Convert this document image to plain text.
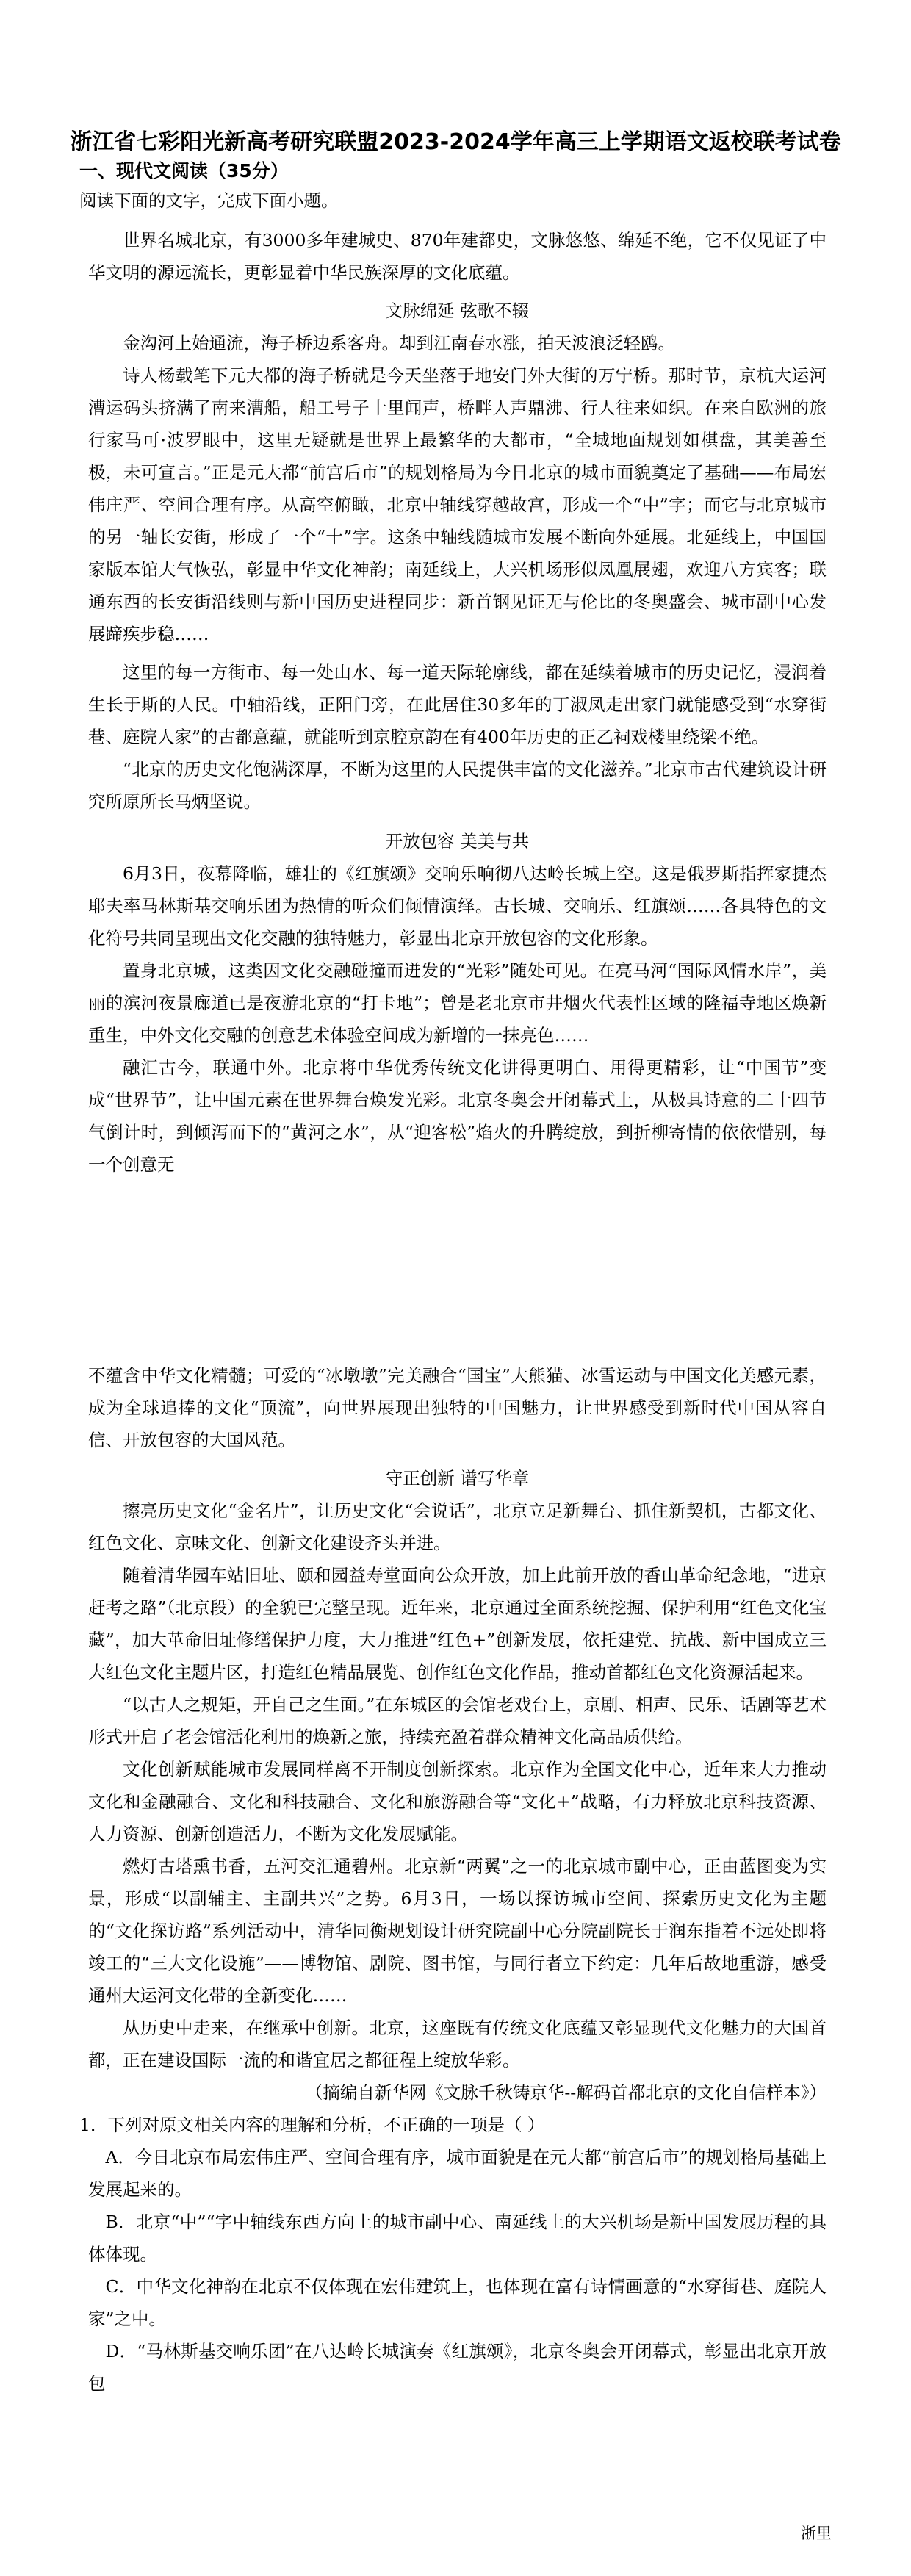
浙江省七彩阳光新高考研究联盟2023-2024学年高三上学期语文返校联考试卷
一、现代文阅读（35分）

阅读下面的文字，完成下面小题。

世界名城北京，有3000多年建城史、870年建都史，文脉悠悠、绵延不绝，它不仅见证了中华文明的源远流长，更彰显着中华民族深厚的文化底蕴。

文脉绵延 弦歌不辍

金沟河上始通流，海子桥边系客舟。却到江南春水涨，拍天波浪泛轻鸥。

诗人杨载笔下元大都的海子桥就是今天坐落于地安门外大街的万宁桥。那时节，京杭大运河漕运码头挤满了南来漕船，船工号子十里闻声，桥畔人声鼎沸、行人往来如织。在来自欧洲的旅行家马可·波罗眼中，这里无疑就是世界上最繁华的大都市，“全城地面规划如棋盘，其美善至极，未可宣言。”正是元大都“前宫后市”的规划格局为今日北京的城市面貌奠定了基础——布局宏伟庄严、空间合理有序。从高空俯瞰，北京中轴线穿越故宫，形成一个“中”字；而它与北京城市的另一轴长安街，形成了一个“十”字。这条中轴线随城市发展不断向外延展。北延线上，中国国家版本馆大气恢弘，彰显中华文化神韵；南延线上，大兴机场形似凤凰展翅，欢迎八方宾客；联通东西的长安街沿线则与新中国历史进程同步：新首钢见证无与伦比的冬奥盛会、城市副中心发展蹄疾步稳……

这里的每一方街市、每一处山水、每一道天际轮廓线，都在延续着城市的历史记忆，浸润着生长于斯的人民。中轴沿线，正阳门旁，在此居住30多年的丁淑凤走出家门就能感受到“水穿街巷、庭院人家”的古都意蕴，就能听到京腔京韵在有400年历史的正乙祠戏楼里绕梁不绝。

“北京的历史文化饱满深厚，不断为这里的人民提供丰富的文化滋养。”北京市古代建筑设计研究所原所长马炳坚说。

开放包容 美美与共

6月3日，夜幕降临，雄壮的《红旗颂》交响乐响彻八达岭长城上空。这是俄罗斯指挥家捷杰耶夫率马林斯基交响乐团为热情的听众们倾情演绎。古长城、交响乐、红旗颂……各具特色的文化符号共同呈现出文化交融的独特魅力，彰显出北京开放包容的文化形象。

置身北京城，这类因文化交融碰撞而迸发的“光彩”随处可见。在亮马河“国际风情水岸”，美丽的滨河夜景廊道已是夜游北京的“打卡地”；曾是老北京市井烟火代表性区域的隆福寺地区焕新重生，中外文化交融的创意艺术体验空间成为新增的一抹亮色……

融汇古今，联通中外。北京将中华优秀传统文化讲得更明白、用得更精彩，让“中国节”变成“世界节”，让中国元素在世界舞台焕发光彩。北京冬奥会开闭幕式上，从极具诗意的二十四节气倒计时，到倾泻而下的“黄河之水”，从“迎客松”焰火的升腾绽放，到折柳寄情的依依惜别，每一个创意无

不蕴含中华文化精髓；可爱的“冰墩墩”完美融合“国宝”大熊猫、冰雪运动与中国文化美感元素，成为全球追捧的文化“顶流”，向世界展现出独特的中国魅力，让世界感受到新时代中国从容自信、开放包容的大国风范。

守正创新 谱写华章

擦亮历史文化“金名片”，让历史文化“会说话”，北京立足新舞台、抓住新契机，古都文化、红色文化、京味文化、创新文化建设齐头并进。

随着清华园车站旧址、颐和园益寿堂面向公众开放，加上此前开放的香山革命纪念地，“进京赶考之路”（北京段）的全貌已完整呈现。近年来，北京通过全面系统挖掘、保护利用“红色文化宝藏”，加大革命旧址修缮保护力度，大力推进“红色+”创新发展，依托建党、抗战、新中国成立三大红色文化主题片区，打造红色精品展览、创作红色文化作品，推动首都红色文化资源活起来。

“以古人之规矩，开自己之生面。”在东城区的会馆老戏台上，京剧、相声、民乐、话剧等艺术形式开启了老会馆活化利用的焕新之旅，持续充盈着群众精神文化高品质供给。

文化创新赋能城市发展同样离不开制度创新探索。北京作为全国文化中心，近年来大力推动文化和金融融合、文化和科技融合、文化和旅游融合等“文化+”战略，有力释放北京科技资源、人力资源、创新创造活力，不断为文化发展赋能。

燃灯古塔熏书香，五河交汇通碧州。北京新“两翼”之一的北京城市副中心，正由蓝图变为实景，形成“以副辅主、主副共兴”之势。6月3日，一场以探访城市空间、探索历史文化为主题的“文化探访路”系列活动中，清华同衡规划设计研究院副中心分院副院长于润东指着不远处即将竣工的“三大文化设施”——博物馆、剧院、图书馆，与同行者立下约定：几年后故地重游，感受通州大运河文化带的全新变化……

从历史中走来，在继承中创新。北京，这座既有传统文化底蕴又彰显现代文化魅力的大国首都，正在建设国际一流的和谐宜居之都征程上绽放华彩。

（摘编自新华网《文脉千秋铸京华--解码首都北京的文化自信样本》）

1．下列对原文相关内容的理解和分析，不正确的一项是（ ）

A．今日北京布局宏伟庄严、空间合理有序，城市面貌是在元大都“前宫后市”的规划格局基础上发展起来的。

B．北京“中”“字中轴线东西方向上的城市副中心、南延线上的大兴机场是新中国发展历程的具体体现。

C．中华文化神韵在北京不仅体现在宏伟建筑上，也体现在富有诗情画意的“水穿街巷、庭院人家”之中。

D．“马林斯基交响乐团”在八达岭长城演奏《红旗颂》，北京冬奥会开闭幕式，彰显出北京开放包

浙里
